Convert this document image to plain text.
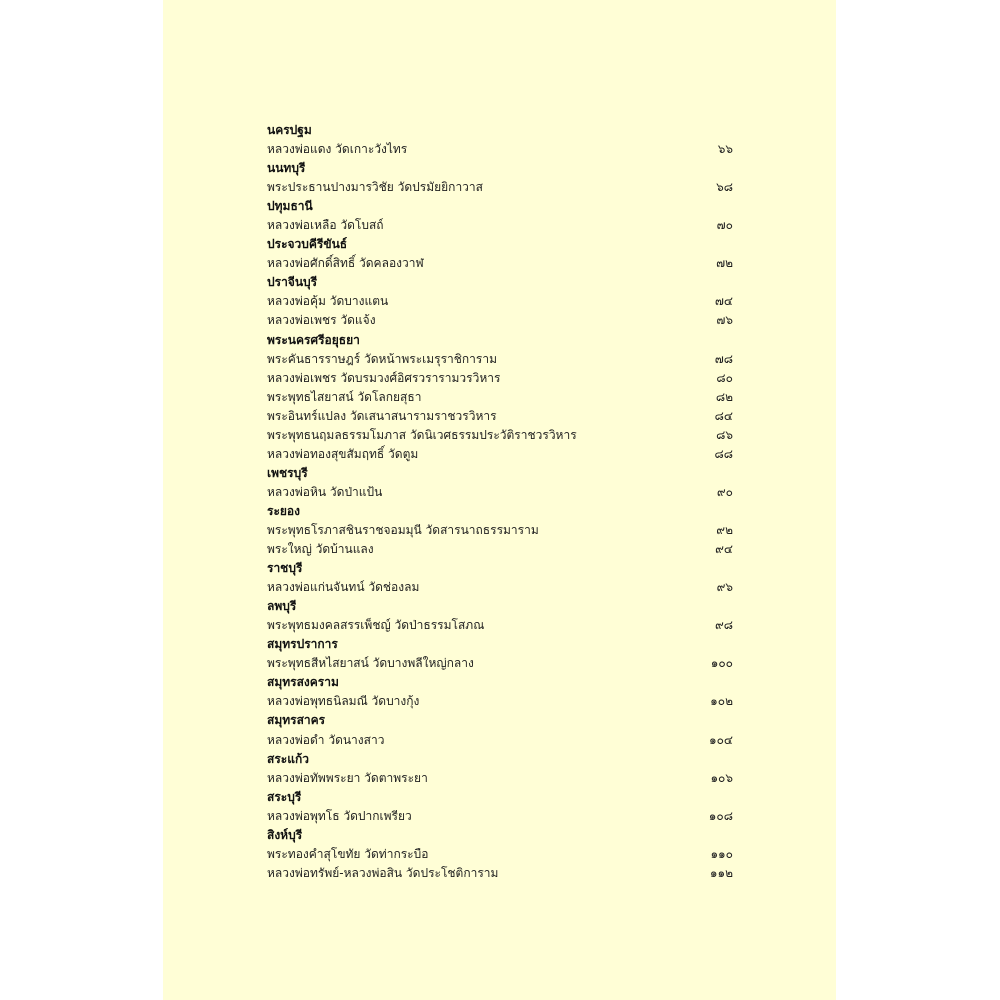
นครปฐม
หลวงพ่อแดง วัดเกาะวังไทร	๖๖
นนทบุรี
พระประธานปางมารวิชัย วัดปรมัยยิกาวาส	๖๘
ปทุมธานี
หลวงพ่อเหลือ วัดโบสถ์	๗๐
ประจวบคีรีขันธ์
หลวงพ่อศักดิ์สิทธิ์ วัดคลองวาฬ	๗๒
ปราจีนบุรี
หลวงพ่อคุ้ม วัดบางแตน	๗๔
หลวงพ่อเพชร วัดแจ้ง	๗๖
พระนครศรีอยุธยา
พระคันธารราษฎร์ วัดหน้าพระเมรุราชิการาม	๗๘
หลวงพ่อเพชร วัดบรมวงศ์อิศรวรารามวรวิหาร	๘๐
พระพุทธไสยาสน์ วัดโลกยสุธา	๘๒
พระอินทร์แปลง วัดเสนาสนารามราชวรวิหาร	๘๔
พระพุทธนฤมลธรรมโมภาส วัดนิเวศธรรมประวัติราชวรวิหาร	๘๖
หลวงพ่อทองสุขสัมฤทธิ์ วัดตูม	๘๘
เพชรบุรี
หลวงพ่อหิน วัดป่าแป้น	๙๐
ระยอง
พระพุทธโรภาสชินราชจอมมุนี วัดสารนาถธรรมาราม	๙๒
พระใหญ่ วัดบ้านแลง	๙๔
ราชบุรี
หลวงพ่อแก่นจันทน์ วัดช่องลม	๙๖
ลพบุรี
พระพุทธมงคลสรรเพ็ชญ์ วัดป่าธรรมโสภณ	๙๘
สมุทรปราการ
พระพุทธสีหไสยาสน์ วัดบางพลีใหญ่กลาง	๑๐๐
สมุทรสงคราม
หลวงพ่อพุทธนิลมณี วัดบางกุ้ง	๑๐๒
สมุทรสาคร
หลวงพ่อดำ วัดนางสาว	๑๐๔
สระแก้ว
หลวงพ่อทัพพระยา วัดตาพระยา	๑๐๖
สระบุรี
หลวงพ่อพุทโธ วัดปากเพรียว	๑๐๘
สิงห์บุรี
พระทองคำสุโขทัย วัดท่ากระบือ	๑๑๐
หลวงพ่อทรัพย์-หลวงพ่อสิน วัดประโชติการาม	๑๑๒
